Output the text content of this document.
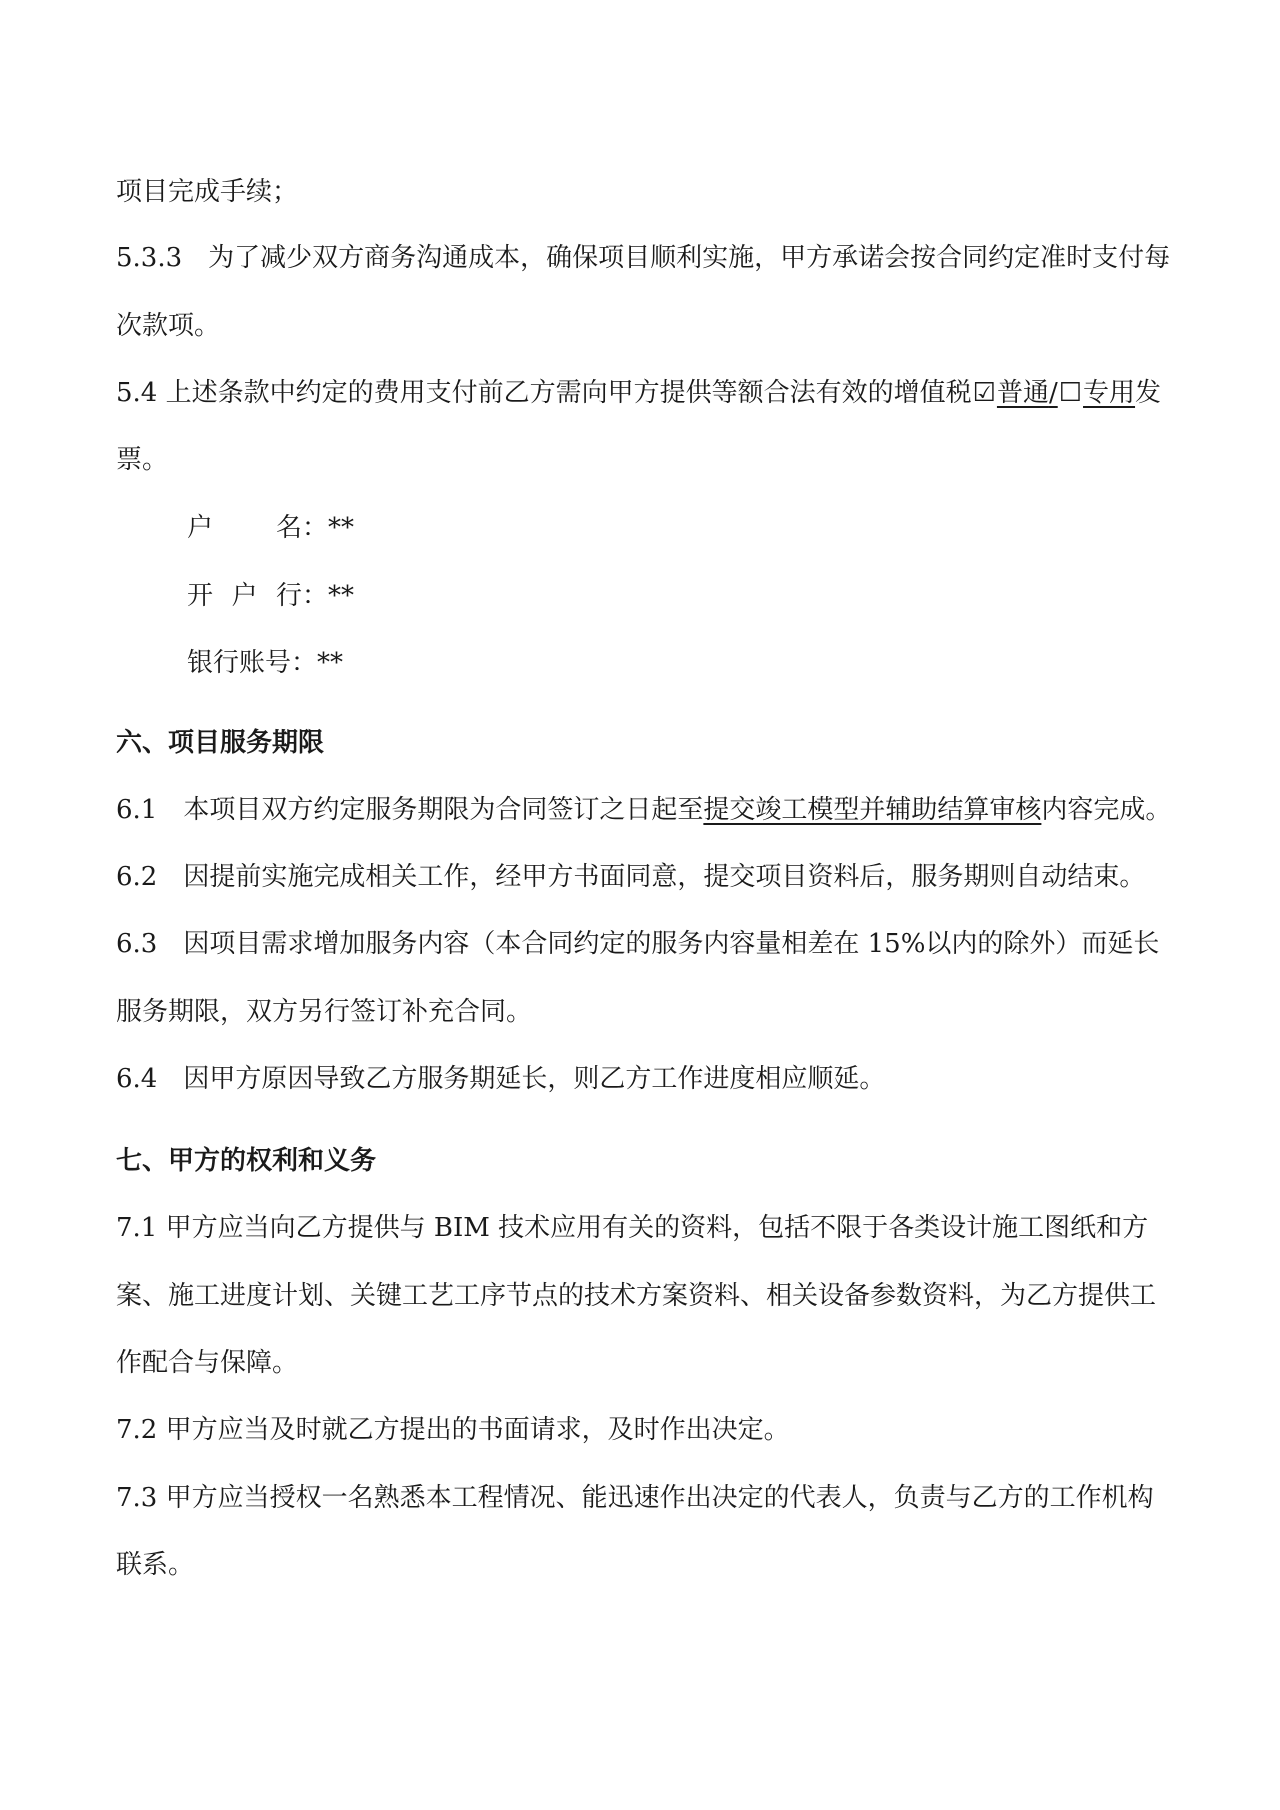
项目完成手续；
5.3.3 为了减少双方商务沟通成本，确保项目顺利实施，甲方承诺会按合同约定准时支付每
次款项。
5.4 上述条款中约定的费用支付前乙方需向甲方提供等额合法有效的增值税☑普通/☐专用发
票。
户 名 ：**
开 户 行 ：**
银行账号：**
六、项目服务期限
6.1 本项目双方约定服务期限为合同签订之日起至提交竣工模型并辅助结算审核内容完成。
6.2 因提前实施完成相关工作，经甲方书面同意，提交项目资料后，服务期则自动结束。
6.3 因项目需求增加服务内容（本合同约定的服务内容量相差在 15%以内的除外）而延长
服务期限，双方另行签订补充合同。
6.4 因甲方原因导致乙方服务期延长，则乙方工作进度相应顺延。
七、甲方的权利和义务
7.1 甲方应当向乙方提供与 BIM 技术应用有关的资料，包括不限于各类设计施工图纸和方
案、施工进度计划、关键工艺工序节点的技术方案资料、相关设备参数资料，为乙方提供工
作配合与保障。
7.2 甲方应当及时就乙方提出的书面请求，及时作出决定。
7.3 甲方应当授权一名熟悉本工程情况、能迅速作出决定的代表人，负责与乙方的工作机构
联系。
